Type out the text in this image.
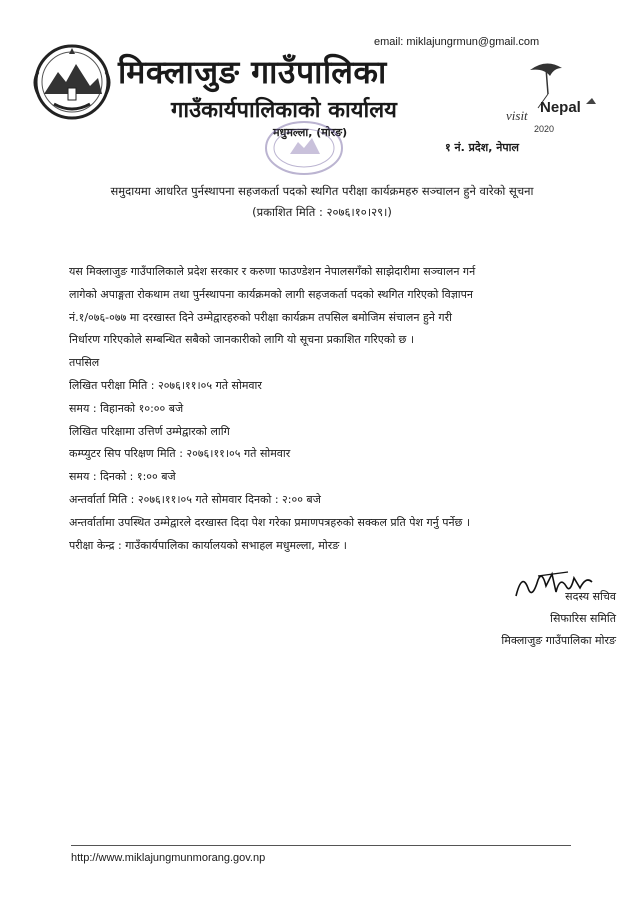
visit Nepal
2020
email: miklajungrmun@gmail.com
मिक्लाजुङ गाउँपालिका
गाउँकार्यपालिकाको कार्यालय
मधुमल्ला, (मोरङ)
१ नं. प्रदेश, नेपाल
समुदायमा आधरित पुर्नस्थापना सहजकर्ता पदको स्थगित परीक्षा कार्यक्रमहरु सञ्चालन हुने वारेको सूचना
(प्रकाशित मिति : २०७६।१०।२९।)
यस मिक्लाजुङ गाउँपालिकाले प्रदेश सरकार र करुणा फाउण्डेशन नेपालसगँको साझेदारीमा सञ्चालन गर्न
लागेको अपाङ्गता रोकथाम तथा पुर्नस्थापना कार्यक्रमको लागी सहजकर्ता पदको स्थगित गरिएको विज्ञापन
नं.१/०७६-०७७ मा दरखास्त दिने उम्मेद्वारहरुको परीक्षा कार्यक्रम तपसिल बमोजिम संचालन हुने गरी
निर्धारण गरिएकोले सम्बन्धित सबैको जानकारीको लागि यो सूचना प्रकाशित गरिएको छ ।
तपसिल
लिखित परीक्षा मिति : २०७६।११।०५ गते सोमवार
समय : विहानको १०:०० बजे
लिखित परिक्षामा उत्तिर्ण उम्मेद्वारको लागि
कम्प्युटर सिप परिक्षण मिति : २०७६।११।०५ गते सोमवार
समय : दिनको : १:०० बजे
अन्तर्वार्ता मिति : २०७६।११।०५ गते सोमवार दिनको : २:०० बजे
अन्तर्वार्तामा उपस्थित उम्मेद्वारले दरखास्त दिदा पेश गरेका प्रमाणपत्रहरुको सक्कल प्रति पेश गर्नु पर्नेछ ।
परीक्षा केन्द्र : गाउँकार्यपालिका कार्यालयको सभाहल मधुमल्ला, मोरङ ।
सदस्य सचिव
सिफारिस समिति
मिक्लाजुङ गाउँपालिका मोरङ
http://www.miklajungmunmorang.gov.np
